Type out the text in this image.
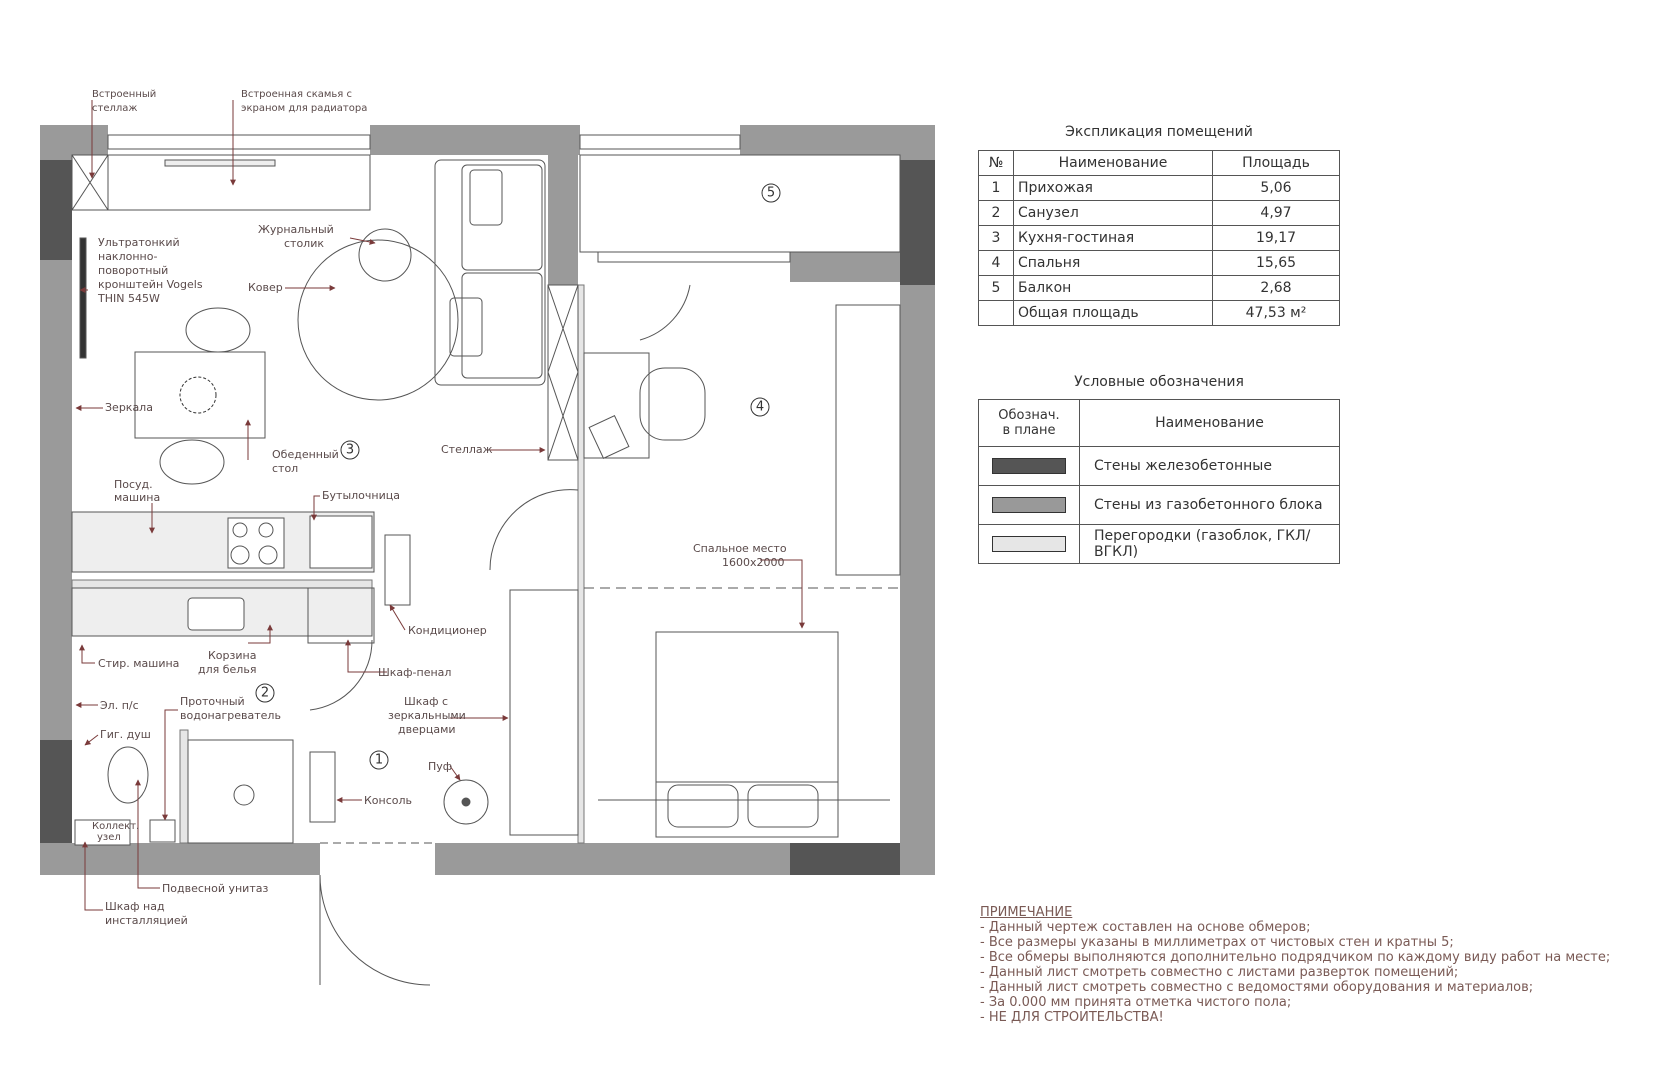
1
2
3
4
5
Встроенный
стеллаж
Встроенная скамья с
экраном для радиатора
Ультратонкий
наклонно-
поворотный
кронштейн Vogels
THIN 545W
Журнальный
столик
Ковер
Зеркала
Обеденный
стол
Стеллаж
Посуд.
машина	Бутылочница
Кондиционер
Стир. машина
Корзина
для белья	Шкаф-пенал
Эл. п/с	Проточный
водонагреватель
Гиг. душ
Коллект.
узел
Подвесной унитаз
Шкаф над
инсталляцией
Шкаф с
зеркальными
дверцами
Пуф
Консоль
Спальное место
1600x2000
Экспликация помещений
№	Наименование	Площадь
1	Прихожая	5,06
2	Санузел	4,97
3	Кухня-гостиная	19,17
4	Спальня	15,65
5	Балкон	2,68
	Общая площадь	47,53 м²
Условные обозначения
Обознач.
в плане	Наименование
	Стены железобетонные
	Стены из газобетонного блока
	Перегородки (газоблок, ГКЛ/ВГКЛ)
ПРИМЕЧАНИЕ
- Данный чертеж составлен на основе обмеров;
- Все размеры указаны в миллиметрах от чистовых стен и кратны 5;
- Все обмеры выполняются дополнительно подрядчиком по каждому виду работ на месте;
- Данный лист смотреть совместно с листами разверток помещений;
- Данный лист смотреть совместно с ведомостями оборудования и материалов;
- За 0.000 мм принята отметка чистого пола;
- НЕ ДЛЯ СТРОИТЕЛЬСТВА!
